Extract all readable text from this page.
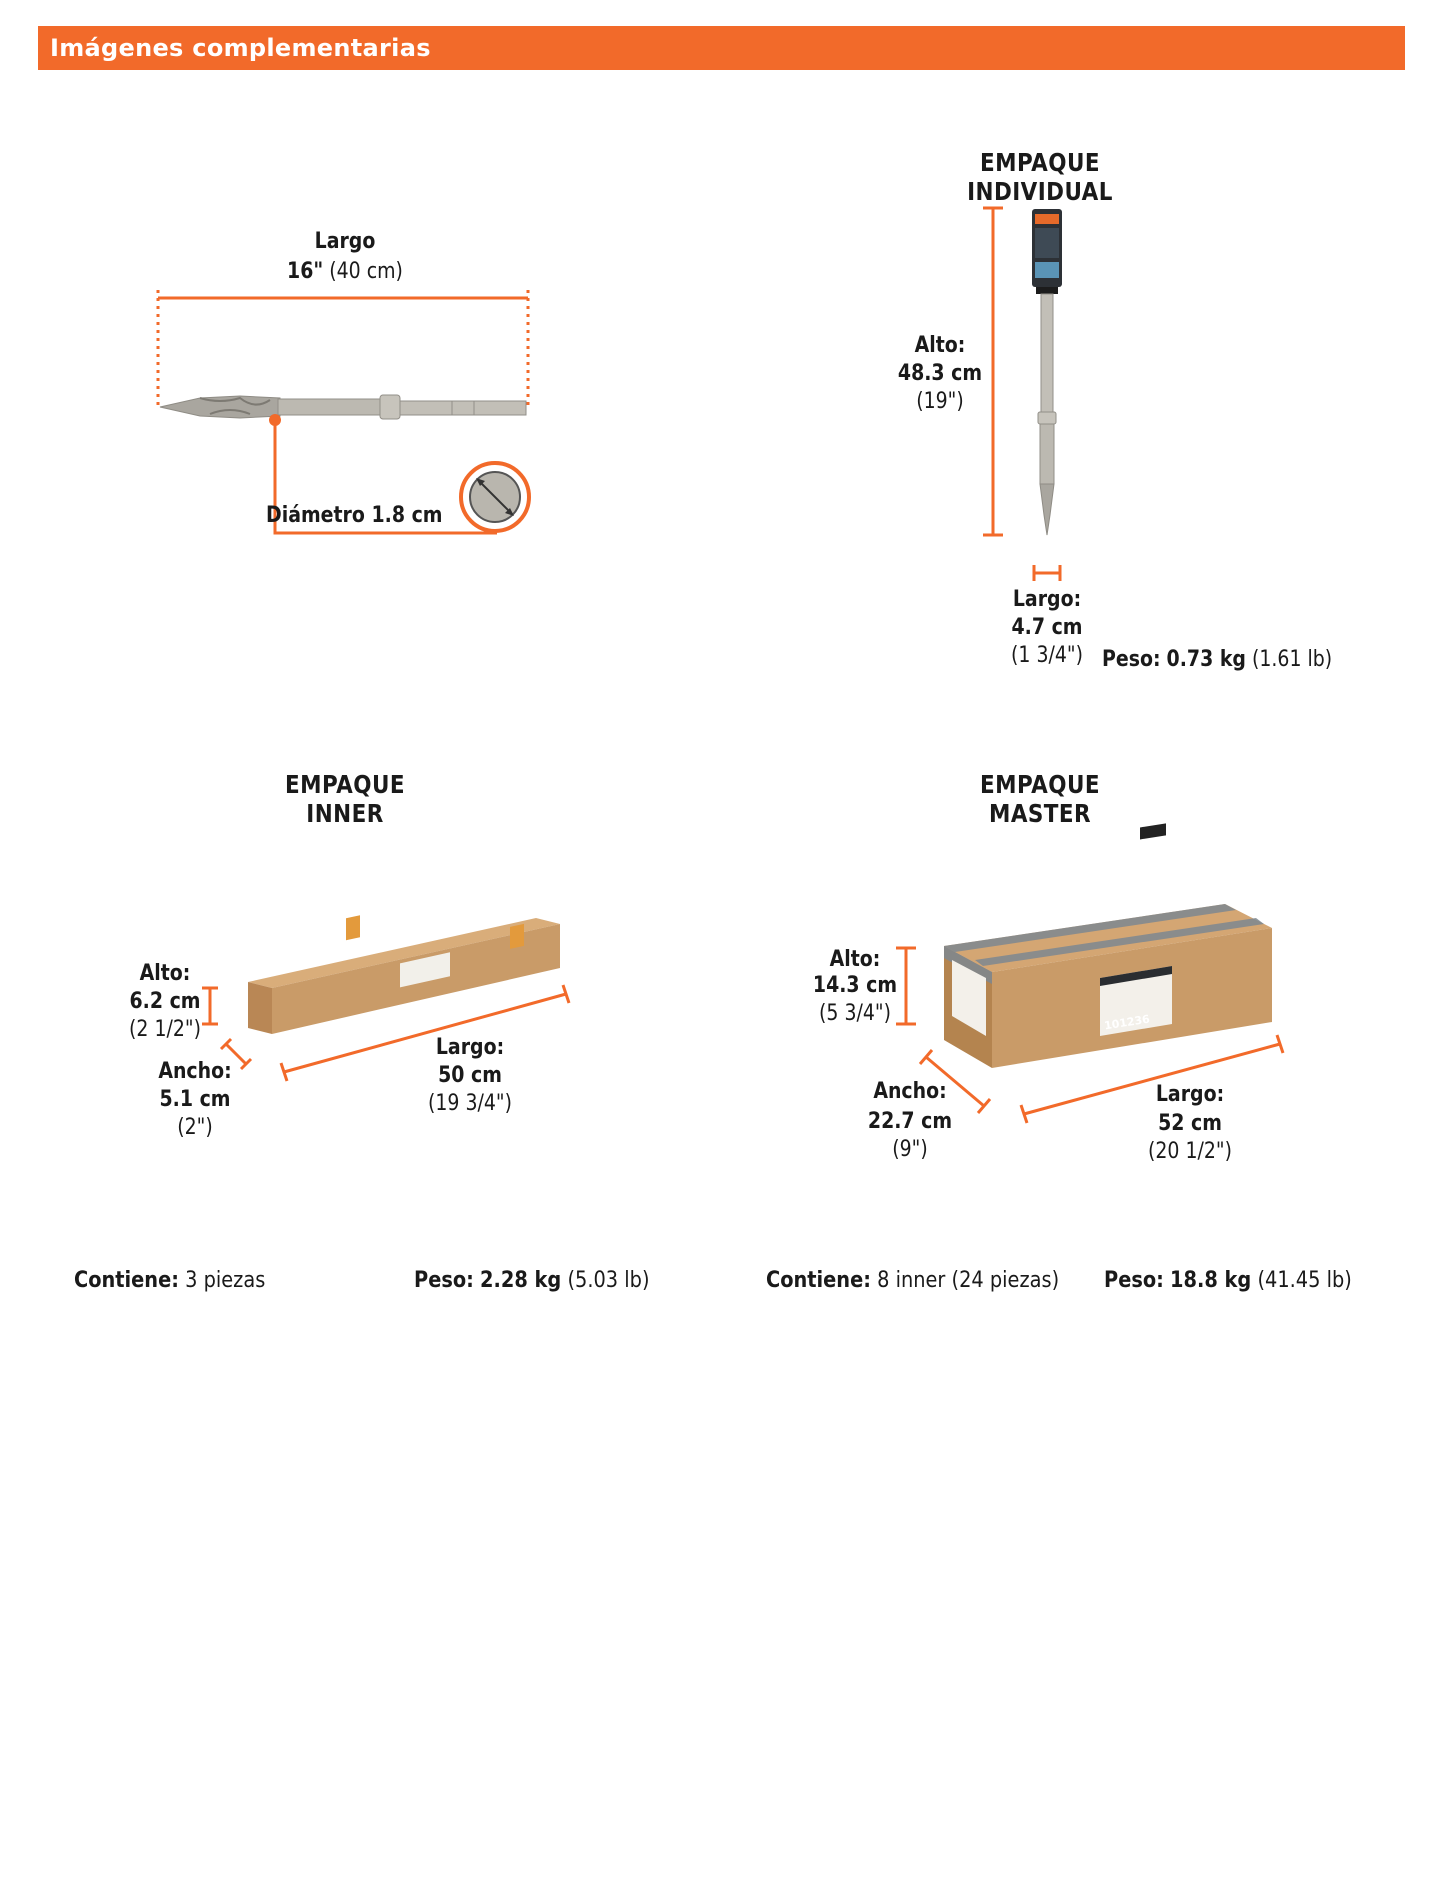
Imágenes complementarias
Largo
16" (40 cm)
Diámetro 1.8 cm
EMPAQUE INDIVIDUAL
Alto:
48.3 cm
(19")
Largo:
4.7 cm
(1 3/4") Peso: 0.73 kg (1.61 lb)
EMPAQUE INNER
Alto:
6.2 cm
(2 1/2")
Ancho:
5.1 cm
(2")
Largo:
50 cm
(19 3/4")
EMPAQUE MASTER
Alto:
14.3 cm
(5 3/4")
Ancho:
22.7 cm
(9")
Largo:
52 cm
(20 1/2")
Contiene: 3 piezas	Peso: 2.28 kg (5.03 lb)	Contiene: 8 inner (24 piezas) Peso: 18.8 kg (41.45 lb)
101236
